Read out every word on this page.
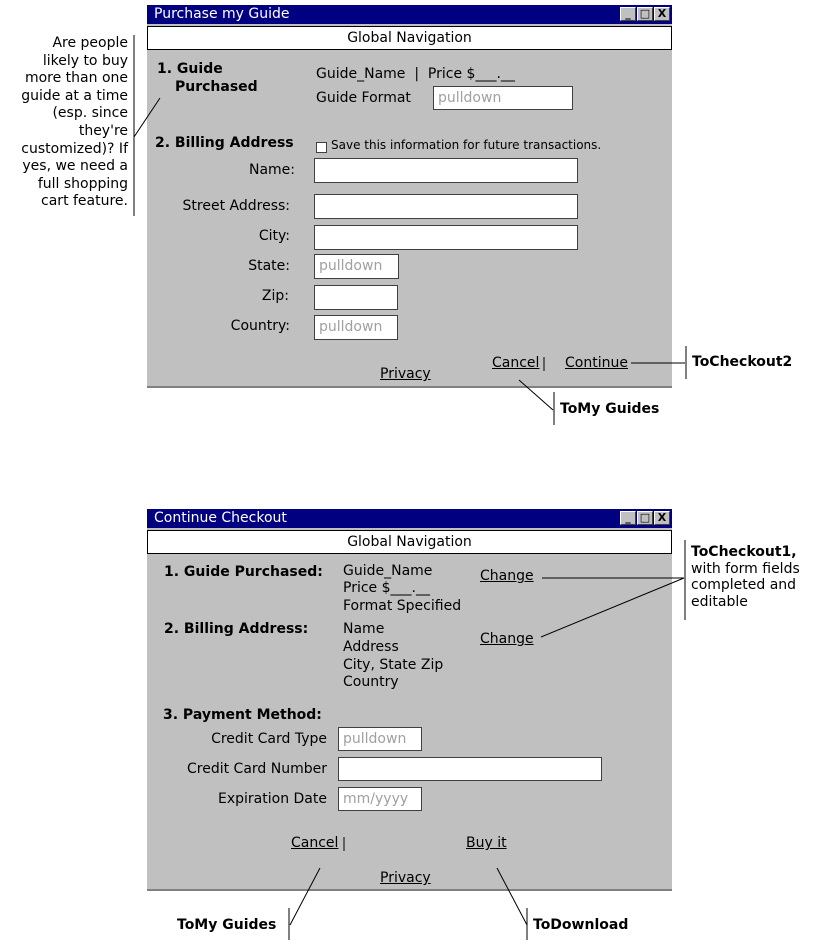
Purchase my Guide	_ □ X
Global Navigation
1. Guide
Purchased
Guide_Name  |  Price $___.__
Guide Format	pulldown
2. Billing Address	Save this information for future transactions.
Name:
Street Address:
City:
State:	pulldown
Zip:
Country:	pulldown
Cancel Continue
Privacy
Continue Checkout	_ □ X
Global Navigation
1. Guide Purchased: Guide_Name
Price $___.__
Format Specified
Change
2. Billing Address: Name
Address
City, State Zip
Country
Change
3. Payment Method:
Credit Card Type	pulldown
Credit Card Number
Expiration Date	mm/yyyy
Cancel	Buy it
Privacy
Are people
likely to buy
more than one
guide at a time
(esp. since
they're
customized)? If
yes, we need a
full shopping
cart feature.
ToCheckout2
ToMy Guides
ToCheckout1,
with form fields
completed and
editable
ToMy Guides	ToDownload
